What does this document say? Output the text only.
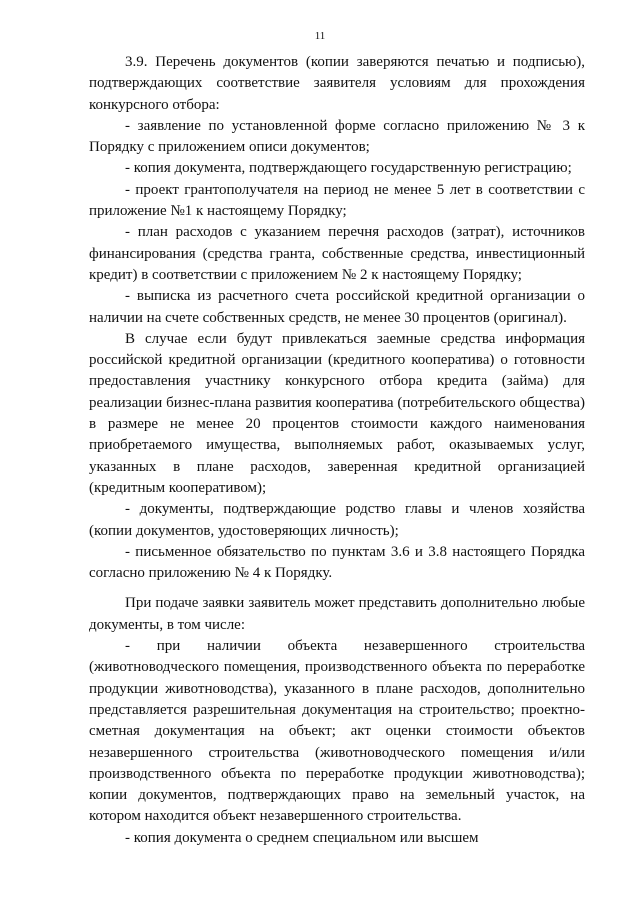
11

3.9. Перечень документов (копии заверяются печатью и подписью), подтверждающих соответствие заявителя условиям для прохождения конкурсного отбора:

- заявление по установленной форме согласно приложению № 3 к Порядку с приложением описи документов;

- копия документа, подтверждающего государственную регистрацию;

- проект грантополучателя на период не менее 5 лет в соответствии с приложение №1 к настоящему Порядку;

- план расходов с указанием перечня расходов (затрат), источников финансирования (средства гранта, собственные средства, инвестиционный кредит) в соответствии с приложением № 2 к настоящему Порядку;

- выписка из расчетного счета российской кредитной организации о наличии на счете собственных средств, не менее 30 процентов (оригинал).

В случае если будут привлекаться заемные средства информация российской кредитной организации (кредитного кооператива) о готовности предоставления участнику конкурсного отбора кредита (займа) для реализации бизнес-плана развития кооператива (потребительского общества) в размере не менее 20 процентов стоимости каждого наименования приобретаемого имущества, выполняемых работ, оказываемых услуг, указанных в плане расходов, заверенная кредитной организацией (кредитным кооперативом);

- документы, подтверждающие родство главы и членов хозяйства (копии документов, удостоверяющих личность);

- письменное обязательство по пунктам 3.6 и 3.8 настоящего Порядка согласно приложению № 4 к Порядку.

При подаче заявки заявитель может представить дополнительно любые документы, в том числе:

- при наличии объекта незавершенного строительства (животноводческого помещения, производственного объекта по переработке продукции животноводства), указанного в плане расходов, дополнительно представляется разрешительная документация на строительство; проектно-сметная документация на объект; акт оценки стоимости объектов незавершенного строительства (животноводческого помещения и/или производственного объекта по переработке продукции животноводства); копии документов, подтверждающих право на земельный участок, на котором находится объект незавершенного строительства.

- копия документа о среднем специальном или высшем
